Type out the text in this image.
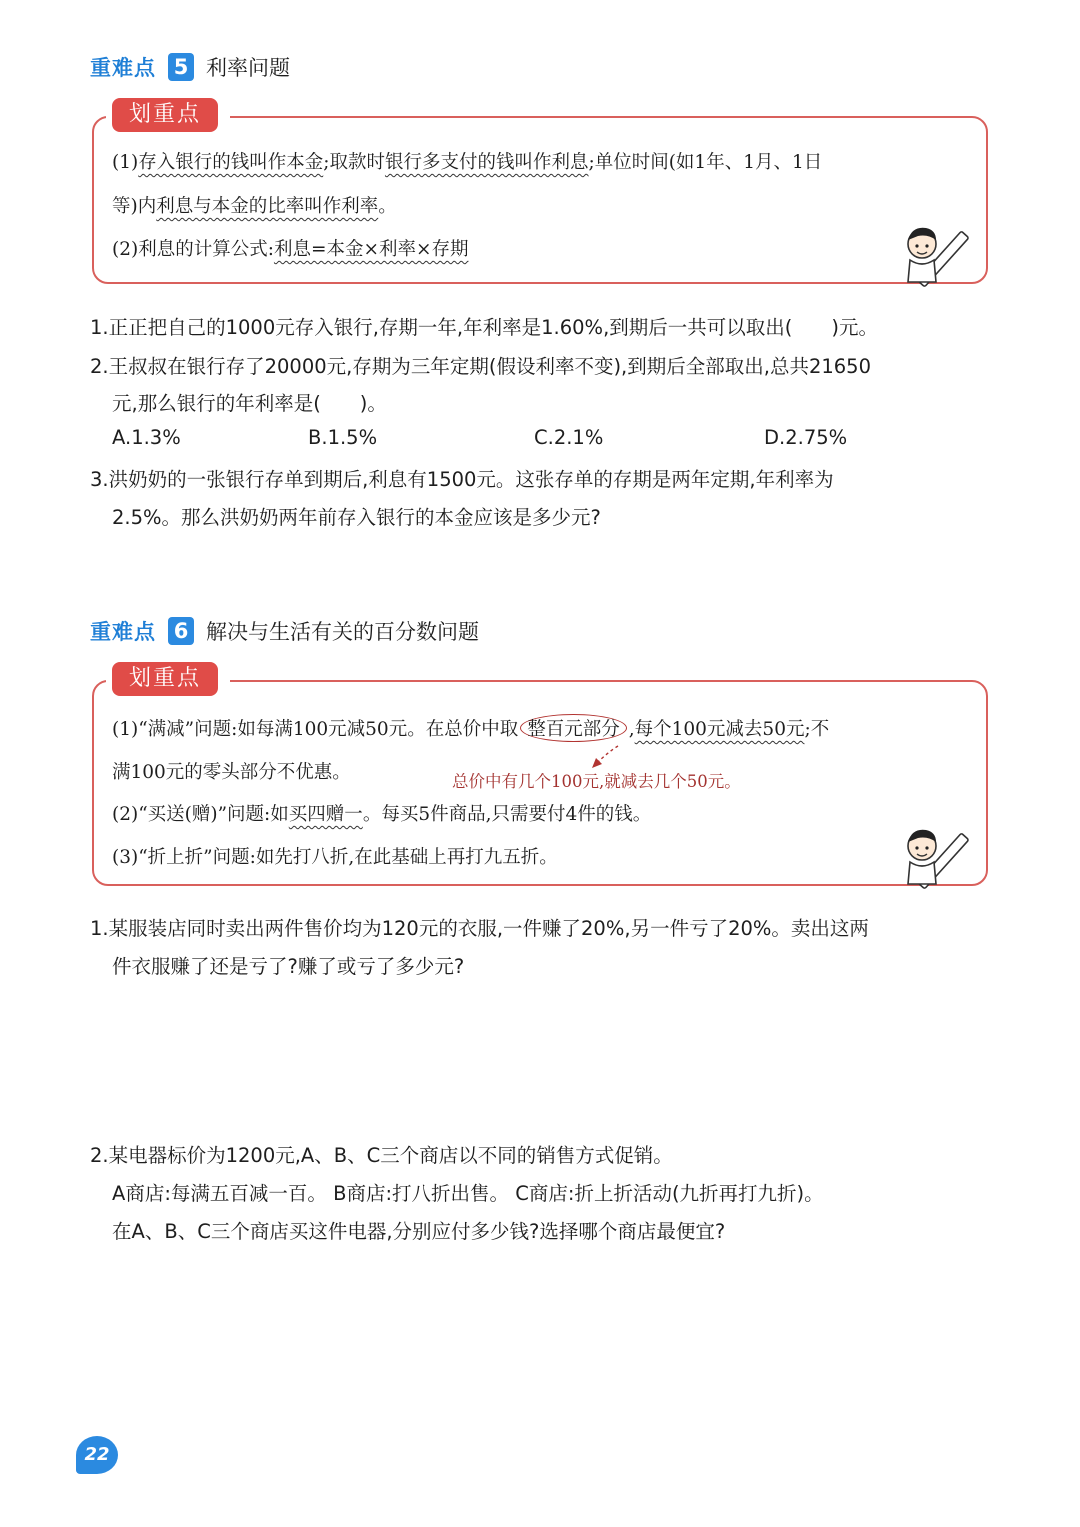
重难点 5 利率问题
划重点
(1)存入银行的钱叫作本金;取款时银行多支付的钱叫作利息;单位时间(如1年、1月、1日
等)内利息与本金的比率叫作利率。
(2)利息的计算公式:利息=本金×利率×存期
1.正正把自己的1000元存入银行,存期一年,年利率是1.60%,到期后一共可以取出(　　)元。
2.王叔叔在银行存了20000元,存期为三年定期(假设利率不变),到期后全部取出,总共21650
元,那么银行的年利率是(　　)。
A.1.3%	B.1.5%	C.2.1%	D.2.75%
3.洪奶奶的一张银行存单到期后,利息有1500元。这张存单的存期是两年定期,年利率为
2.5%。那么洪奶奶两年前存入银行的本金应该是多少元?
重难点 6 解决与生活有关的百分数问题
划重点
(1)“满减”问题:如每满100元减50元。在总价中取 整百元部分 ,每个100元减去50元;不
满100元的零头部分不优惠。	总价中有几个100元,就减去几个50元。
(2)“买送(赠)”问题:如买四赠一。每买5件商品,只需要付4件的钱。
(3)“折上折”问题:如先打八折,在此基础上再打九五折。
1.某服装店同时卖出两件售价均为120元的衣服,一件赚了20%,另一件亏了20%。卖出这两
件衣服赚了还是亏了?赚了或亏了多少元?
2.某电器标价为1200元,A、B、C三个商店以不同的销售方式促销。
A商店:每满五百减一百。 B商店:打八折出售。 C商店:折上折活动(九折再打九折)。
在A、B、C三个商店买这件电器,分别应付多少钱?选择哪个商店最便宜?
22
